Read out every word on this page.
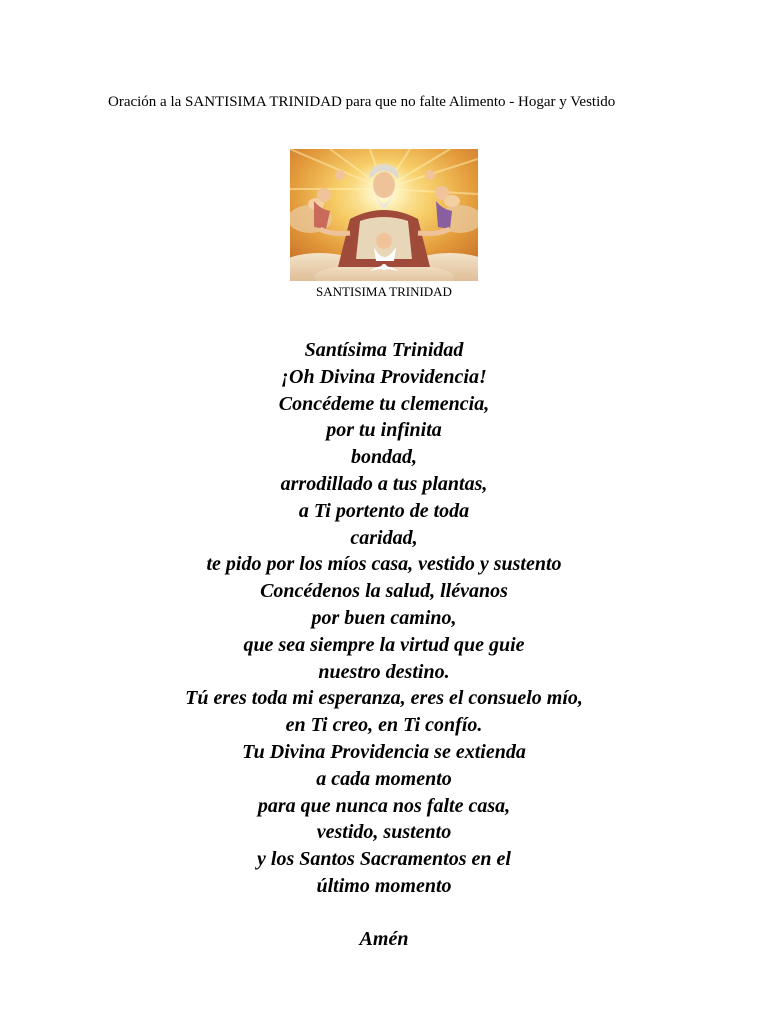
Oración a la SANTISIMA TRINIDAD para que no falte Alimento - Hogar y Vestido

SANTISIMA TRINIDAD

Santísima Trinidad
¡Oh Divina Providencia!
Concédeme tu clemencia,
por tu infinita
bondad,
arrodillado a tus plantas,
a Ti portento de toda
caridad,
te pido por los míos casa, vestido y sustento
Concédenos la salud, llévanos
por buen camino,
que sea siempre la virtud que guie
nuestro destino.
Tú eres toda mi esperanza, eres el consuelo mío,
en Ti creo, en Ti confío.
Tu Divina Providencia se extienda
a cada momento
para que nunca nos falte casa,
vestido, sustento
y los Santos Sacramentos en el
último momento

Amén
